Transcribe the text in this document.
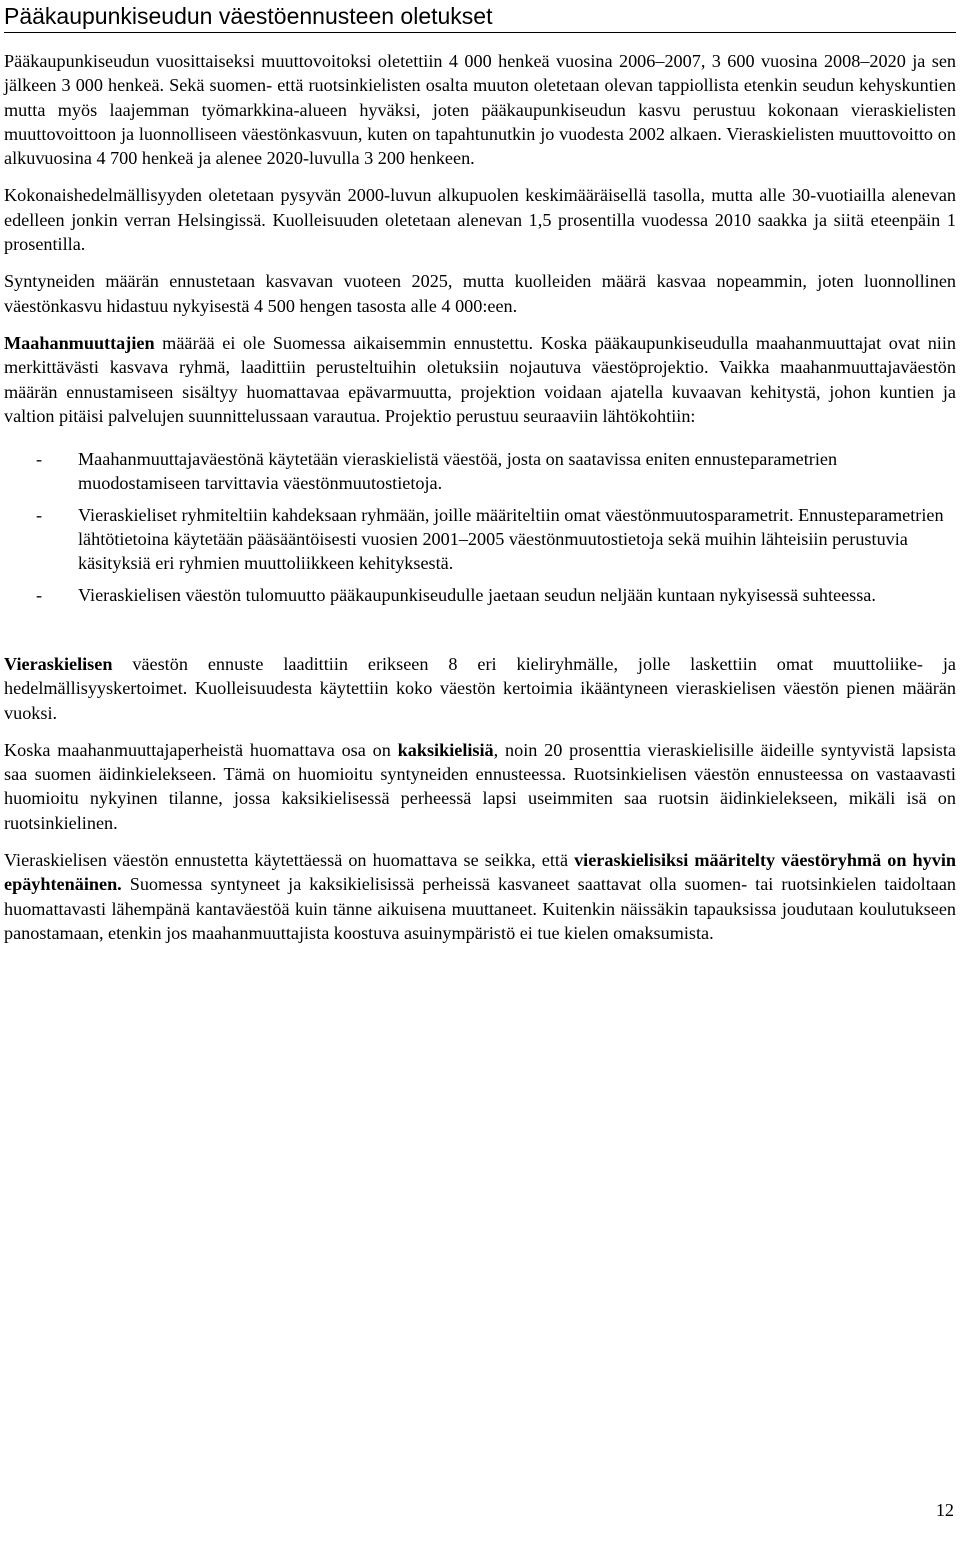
Pääkaupunkiseudun väestöennusteen oletukset

Pääkaupunkiseudun vuosittaiseksi muuttovoitoksi oletettiin 4 000 henkeä vuosina 2006–2007, 3 600 vuosina 2008–2020 ja sen jälkeen 3 000 henkeä. Sekä suomen- että ruotsinkielisten osalta muuton oletetaan olevan tappiollista etenkin seudun kehyskuntien mutta myös laajemman työmarkkina-alueen hyväksi, joten pääkaupunkiseudun kasvu perustuu kokonaan vieraskielisten muuttovoittoon ja luonnolliseen väestönkasvuun, kuten on tapahtunutkin jo vuodesta 2002 alkaen. Vieraskielisten muuttovoitto on alkuvuosina 4 700 henkeä ja alenee 2020-luvulla 3 200 henkeen.

Kokonaishedelmällisyyden oletetaan pysyvän 2000-luvun alkupuolen keskimääräisellä tasolla, mutta alle 30-vuotiailla alenevan edelleen jonkin verran Helsingissä. Kuolleisuuden oletetaan alenevan 1,5 prosentilla vuodessa 2010 saakka ja siitä eteenpäin 1 prosentilla.

Syntyneiden määrän ennustetaan kasvavan vuoteen 2025, mutta kuolleiden määrä kasvaa nopeammin, joten luonnollinen väestönkasvu hidastuu nykyisestä 4 500 hengen tasosta alle 4 000:een.

Maahanmuuttajien määrää ei ole Suomessa aikaisemmin ennustettu. Koska pääkaupunkiseudulla maahanmuuttajat ovat niin merkittävästi kasvava ryhmä, laadittiin perusteltuihin oletuksiin nojautuva väestöprojektio. Vaikka maahanmuuttajaväestön määrän ennustamiseen sisältyy huomattavaa epävarmuutta, projektion voidaan ajatella kuvaavan kehitystä, johon kuntien ja valtion pitäisi palvelujen suunnittelussaan varautua. Projektio perustuu seuraaviin lähtökohtiin:

- Maahanmuuttajaväestönä käytetään vieraskielistä väestöä, josta on saatavissa eniten ennusteparametrien muodostamiseen tarvittavia väestönmuutostietoja.
- Vieraskieliset ryhmiteltiin kahdeksaan ryhmään, joille määriteltiin omat väestönmuutosparametrit. Ennusteparametrien lähtötietoina käytetään pääsääntöisesti vuosien 2001–2005 väestönmuutostietoja sekä muihin lähteisiin perustuvia käsityksiä eri ryhmien muuttoliikkeen kehityksestä.
- Vieraskielisen väestön tulomuutto pääkaupunkiseudulle jaetaan seudun neljään kuntaan nykyisessä suhteessa.

Vieraskielisen väestön ennuste laadittiin erikseen 8 eri kieliryhmälle, jolle laskettiin omat muuttoliike- ja hedelmällisyyskertoimet. Kuolleisuudesta käytettiin koko väestön kertoimia ikääntyneen vieraskielisen väestön pienen määrän vuoksi.

Koska maahanmuuttajaperheistä huomattava osa on kaksikielisiä, noin 20 prosenttia vieraskielisille äideille syntyvistä lapsista saa suomen äidinkielekseen. Tämä on huomioitu syntyneiden ennusteessa. Ruotsinkielisen väestön ennusteessa on vastaavasti huomioitu nykyinen tilanne, jossa kaksikielisessä perheessä lapsi useimmiten saa ruotsin äidinkielekseen, mikäli isä on ruotsinkielinen.

Vieraskielisen väestön ennustetta käytettäessä on huomattava se seikka, että vieraskielisiksi määritelty väestöryhmä on hyvin epäyhtenäinen. Suomessa syntyneet ja kaksikielisissä perheissä kasvaneet saattavat olla suomen- tai ruotsinkielen taidoltaan huomattavasti lähempänä kantaväestöä kuin tänne aikuisena muuttaneet. Kuitenkin näissäkin tapauksissa joudutaan koulutukseen panostamaan, etenkin jos maahanmuuttajista koostuva asuinympäristö ei tue kielen omaksumista.

12
